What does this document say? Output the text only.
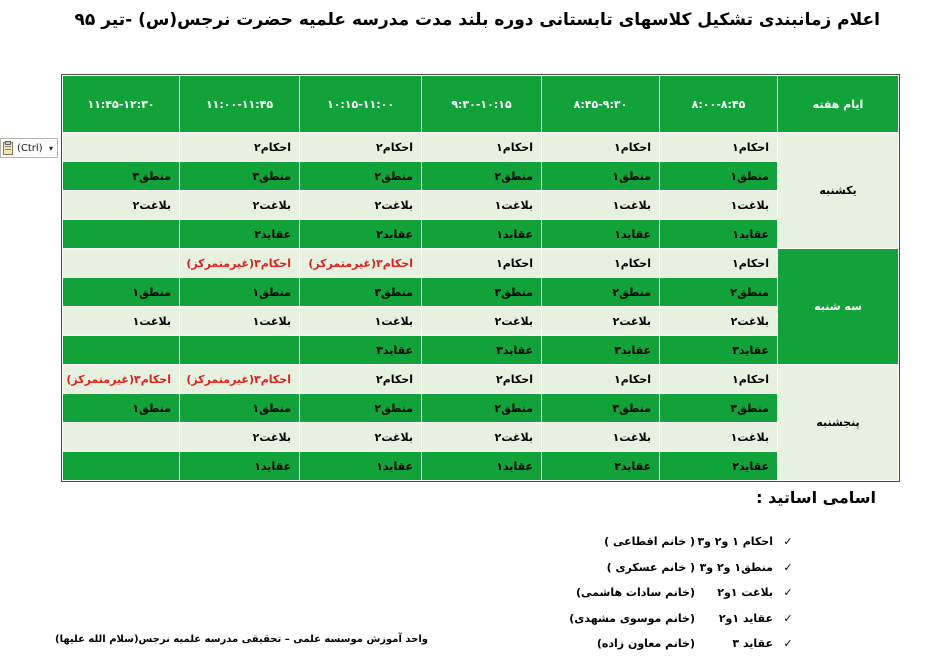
اعلام زمانبندی تشکیل کلاسهای تابستانی دوره بلند مدت مدرسه علمیه حضرت نرجس(س) -تیر ۹۵
ایام هفته	۸:۰۰-۸:۴۵	۸:۴۵-۹:۳۰	۹:۳۰-۱۰:۱۵	۱۰:۱۵-۱۱:۰۰	۱۱:۰۰-۱۱:۴۵	۱۱:۴۵-۱۲:۳۰
یکشنبه	احکام۱	احکام۱	احکام۱	احکام۲	احکام۲	
	منطق۱	منطق۱	منطق۲	منطق۲	منطق۳	منطق۳
	بلاغت۱	بلاغت۱	بلاغت۱	بلاغت۲	بلاغت۲	بلاغت۲
	عقاید۱	عقاید۱	عقاید۱	عقاید۲	عقاید۲	
سه شنبه	احکام۱	احکام۱	احکام۱	احکام۳(غیرمتمرکز)	احکام۳(غیرمتمرکز)	
	منطق۲	منطق۲	منطق۳	منطق۳	منطق۱	منطق۱
	بلاغت۲	بلاغت۲	بلاغت۲	بلاغت۱	بلاغت۱	بلاغت۱
	عقاید۳	عقاید۳	عقاید۳	عقاید۳		
پنجشنبه	احکام۱	احکام۱	احکام۲	احکام۲	احکام۳(غیرمتمرکز)	احکام۳(غیرمتمرکز)
	منطق۳	منطق۳	منطق۲	منطق۲	منطق۱	منطق۱
	بلاغت۱	بلاغت۱	بلاغت۲	بلاغت۲	بلاغت۲	
	عقاید۲	عقاید۲	عقاید۱	عقاید۱	عقاید۱	
اسامی اساتید :
✓
احکام ۱ و۲ و۳
( خانم اقطاعی )
✓
منطق۱ و۲ و۳
( خانم عسکری )
✓
بلاغت ۱و۲
(خانم سادات هاشمی)
✓
عقاید ۱و۲
(خانم موسوی مشهدی)
✓
عقاید ۳
(خانم معاون زاده)
واحد آموزش موسسه علمی – تحقیقی مدرسه علمیه نرجس(سلام الله علیها)
(Ctrl) ▾
